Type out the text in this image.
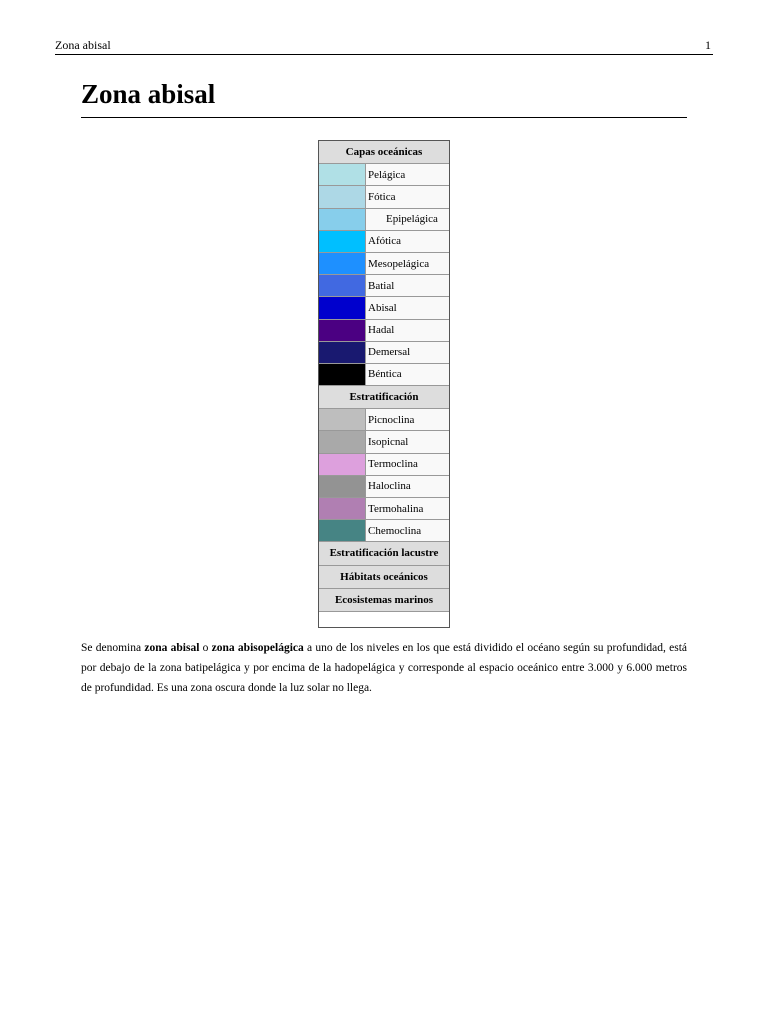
Zona abisal	1
Zona abisal
Capas oceánicas	
	Pelágica
	Fótica
	Epipelágica
	Afótica
	Mesopelágica
	Batial
	Abisal
	Hadal
	Demersal
	Béntica
Estratificación	
	Picnoclina
	Isopicnal
	Termoclina
	Haloclina
	Termohalina
	Chemoclina
Estratificación lacustre	
Hábitats oceánicos	
Ecosistemas marinos	

Se denomina zona abisal o zona abisopelágica a uno de los niveles en los que está dividido el océano según su profundidad, está por debajo de la zona batipelágica y por encima de la hadopelágica y corresponde al espacio oceánico entre 3.000 y 6.000 metros de profundidad. Es una zona oscura donde la luz solar no llega.
